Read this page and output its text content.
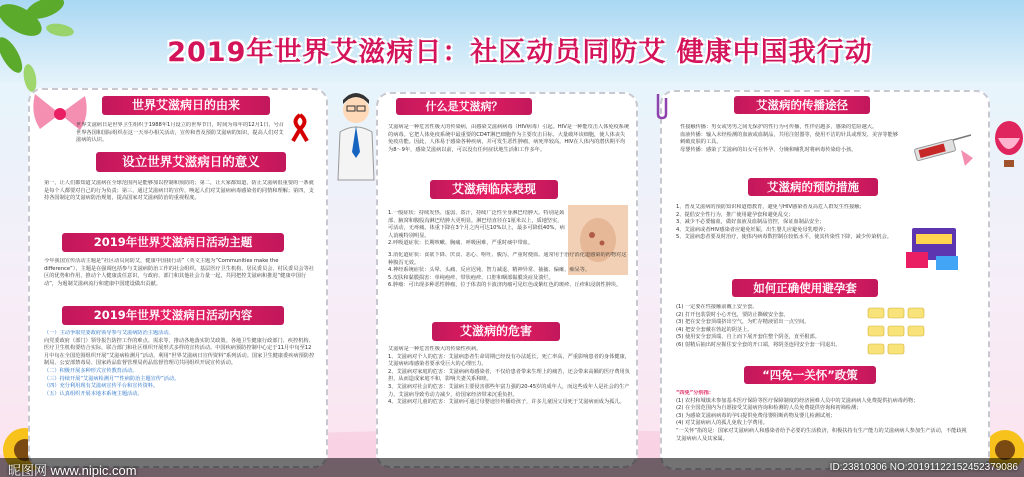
2019年世界艾滋病日：社区动员同防艾 健康中国我行动
世界艾滋病日的由来
世界艾滋病日是世界卫生组织于1988年1月设立的世界节日，时间为每年的12月1日，号召世界各国和国际组织在这一天举办相关活动，宣传和普及预防艾滋病的知识，提高人们对艾滋病的认识。
设立世界艾滋病日的意义
第一，让人们都知道艾滋病在全球范围内是能够加以控制和预防的；第二，让大家都知道，防止艾滋病很重要的一条就是每个人都要对自己的行为负责；第三，通过艾滋病日的宣传，唤起人们对艾滋病病毒感染者的同情和理解；第四，支持各国制定的艾滋病防治规划，提高国家对艾滋病防治的重视程度。
2019年世界艾滋病日活动主题
今年我国宣传活动主题是“社区动员同防艾，健康中国我行动”（英文主题为“Communities make the difference”），主题是在强调包括参与艾滋病防治工作的社会组织、基层医疗卫生机构、居民委员会、村民委员会等社区的优势和作用，推动个人健康责任意识，与政府、部门和其他社会力量一起，共同把控艾滋病和推进“健康中国行动”，为遏制艾滋病流行和建康中国建设做出贡献。
2019年世界艾滋病日活动内容

（一）主动争取党委政府领导参与艾滋病防治主题活动。

向党委政府（部门）领导报告防控工作的难点、需求等，推动各地落实防艾政策。各地卫生健康行政部门、疾控机构、医疗卫生机构要结合实际，联合部门和社区组织开展形式多样的宣传活动。中国疾病预防控制中心定于11月中旬至12月中旬在全国范围组织开展“艾滋病检测月”活动，利用“世界艾滋病日宣传资料”系列活动。国家卫生健康委疾病预防控制局、公安部禁毒局、国家药品监督管理局药品监督管理司共同组织开展宣传活动。

（二）积极开展多种形式宣传教育活动。

（三）持续开展“艾滋病检测月”“性病防治主题宣传”活动。

（四）充分利用现有艾滋病宣传平台和宣传资料。

（五）认真组织开展本地本系统主题活动。

什么是艾滋病？
艾滋病是一种危害性极大的传染病，由感染艾滋病病毒（HIV病毒）引起。HIV是一种能攻击人体免疫系统的病毒。它把人体免疫系统中最重要的CD4T淋巴细胞作为主要攻击目标，大量破坏该细胞，使人体丧失免疫功能。因此，人体易于感染各种疾病，并可发生恶性肿瘤，病死率较高。HIV在人体内的潜伏期平均为8～9年，感染艾滋病以前，可以没有任何症状地生活和工作多年。
艾滋病临床表现

1.一般症状：持续发热、虚弱、盗汗，持续广泛性全身淋巴结肿大。特别是颈部、腋窝和腹股沟淋巴结肿大更明显。淋巴结直径在1厘米以上，质地坚实，可活动，无疼痛。体重下降在3个月之内可达10%以上，最多可降低40%，病人消瘦特别明显。

2.呼吸道症状：长期咳嗽、胸痛、呼吸困难，严重时痰中带血。

3.消化道症状：食欲下降、厌食、恶心、呕吐、腹泻，严重时便血。通常用于治疗消化道感染的药物对这种腹泻无效。

4.神经系统症状：头晕、头痛、反应迟钝、智力减退、精神异常、抽搐、偏瘫、痴呆等。

5.皮肤和黏膜损害：单纯疱疹、带状疱疹、口腔和咽部黏膜炎症及溃烂。

6.肿瘤：可出现多种恶性肿瘤，位于体表的卡波济肉瘤可见红色或紫红色的斑疹、丘疹和浸润性肿块。

艾滋病的危害

艾滋病是一种危害性极大的传染性疾病。

1、艾滋病对个人的危害：艾滋病患者生命周期已经没有办法延长，死亡率高，严重影响患者的身体健康，艾滋病病毒感染者要承受巨大的心理压力。

2、艾滋病对家庭的危害：艾滋病病毒感染者，不仅给患者带来生理上的痛苦，还会带来高额的医疗费用负担，从而造成家庭不和，影响夫妻关系和睦。

3、艾滋病对社会的危害：艾滋病主要侵害那些年富力强的20-45岁的成年人，而这些成年人是社会的生产力，艾滋病导致劳动力减少，给国家经济带来沉重负担。

4、艾滋病对儿童的危害：艾滋病可通过母婴途径传播给孩子，许多儿童因父母死于艾滋病而成为孤儿。

艾滋病的传播途径

性接触传播：男女或男男之间无保护的性行为可传播，性伴侣越多，感染的危险越大。

血液传播：输入未经检测的血液或血制品，共用注射器等，使用不洁的针具或理发、美容等能够刺破皮肤的工具。

母婴传播：感染了艾滋病的妇女可在怀孕、分娩和哺乳时将病毒传染给小孩。

艾滋病的预防措施

1、普及艾滋病的预防知识和道德教育，避免与HIV感染者及高危人群发生性接触；

2、提倡安全性行为，推广使用避孕套和避免乱交；

3、减少不必要输血，做好血液及血制品管控，保证血制品安全；

4、艾滋病或者HIV感染者应避免妊娠，出生婴儿应避免母乳喂养；

5、艾滋病患者要及时治疗，使体内病毒数控制在较低水平，使其传染性下降，减少传染机会。

如何正确使用避孕套

(1) 一定要在性接触前戴上安全套。

(2) 打开包装袋时小心开包，要防止撕破安全套。

(3) 把在安全套顶端挤出空气，为贮存精液留出一点空间。

(4) 把安全套戴在勃起的阴茎上。

(5) 使用安全套顶端，自上而下展开套住整个阴茎，直至根部。

(6) 射精后抽出时应握住安全套的开口端，将阴茎连同安全套一同退出。

“四免一关怀”政策

“四免”分别指：

(1) 农村和城镇未参加基本医疗保险等医疗保障制度的经济困难人员中的艾滋病病人免费提供抗病毒药物；

(2) 在全国范围内为自愿接受艾滋病咨询和检测的人员免费提供咨询和初筛检测；

(3) 为感染艾滋病病毒的孕妇提供免费母婴阻断药物及婴儿检测试剂；

(4) 对艾滋病病人的孤儿免收上学费用。

“一关怀”指的是：国家对艾滋病病人和感染者给予必要的生活救济，积极扶持有生产能力的艾滋病病人参加生产活动，不能歧视艾滋病病人及其家属。

昵图网 www.nipic.com	ID:23810306 NO:20191122152452379086
